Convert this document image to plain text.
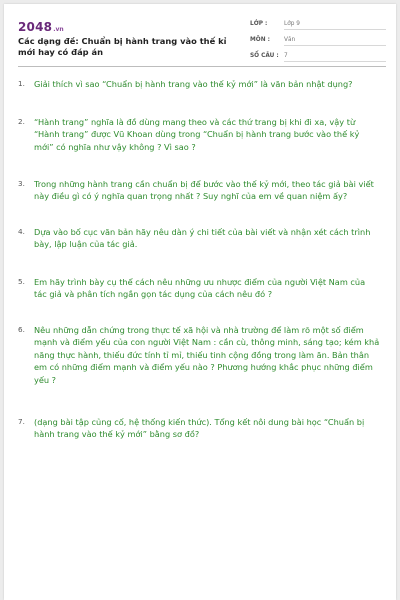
2048 .vn
Các dạng đề: Chuẩn bị hành trang vào thế kỉ mới hay có đáp án
LỚP :	Lớp 9
MÔN :	Văn
SỐ CÂU : 7
1.	Giải thích vì sao “Chuẩn bị hành trang vào thế kỷ mới” là văn bản nhật dụng?
2.	“Hành trang” nghĩa là đồ dùng mang theo và các thứ trang bị khi đi xa, vậy từ “Hành trang” được Vũ Khoan dùng trong “Chuẩn bị hành trang bước vào thế kỷ mới” có nghĩa như vậy không ? Vì sao ?
3.	Trong những hành trang cần chuẩn bị để bước vào thế kỷ mới, theo tác giả bài viết này điều gì có ý nghĩa quan trọng nhất ? Suy nghĩ của em về quan niệm ấy?
4.	Dựa vào bố cục văn bản hãy nêu dàn ý chi tiết của bài viết và nhận xét cách trình bày, lập luận của tác giả.
5.	Em hãy trình bày cụ thể cách nêu những ưu nhược điểm của người Việt Nam của tác giả và phân tích ngắn gọn tác dụng của cách nêu đó ?
6.	Nêu những dẫn chứng trong thực tế xã hội và nhà trường để làm rõ một số điểm mạnh và điểm yếu của con người Việt Nam : cần cù, thông minh, sáng tạo; kém khả năng thực hành, thiếu đức tính tỉ mỉ, thiếu tinh cộng đồng trong làm ăn. Bản thân em có những điểm mạnh và điểm yếu nào ? Phương hướng khắc phục những điểm yếu ?
7.	(dạng bài tập củng cố, hệ thống kiến thức). Tổng kết nôi dung bài học “Chuẩn bị hành trang vào thế kỷ mới” bằng sơ đồ?
